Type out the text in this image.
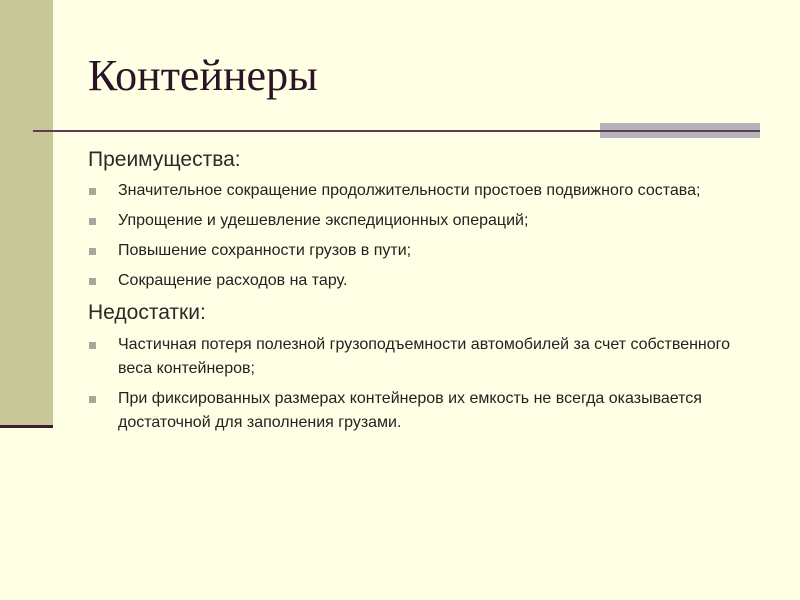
Контейнеры
Преимущества:
Значительное сокращение продолжительности простоев подвижного состава;
Упрощение и удешевление экспедиционных операций;
Повышение сохранности грузов в пути;
Сокращение расходов на тару.
Недостатки:
Частичная потеря полезной грузоподъемности автомобилей за счет собственного веса контейнеров;
При фиксированных размерах контейнеров их емкость не всегда оказывается достаточной для заполнения грузами.
